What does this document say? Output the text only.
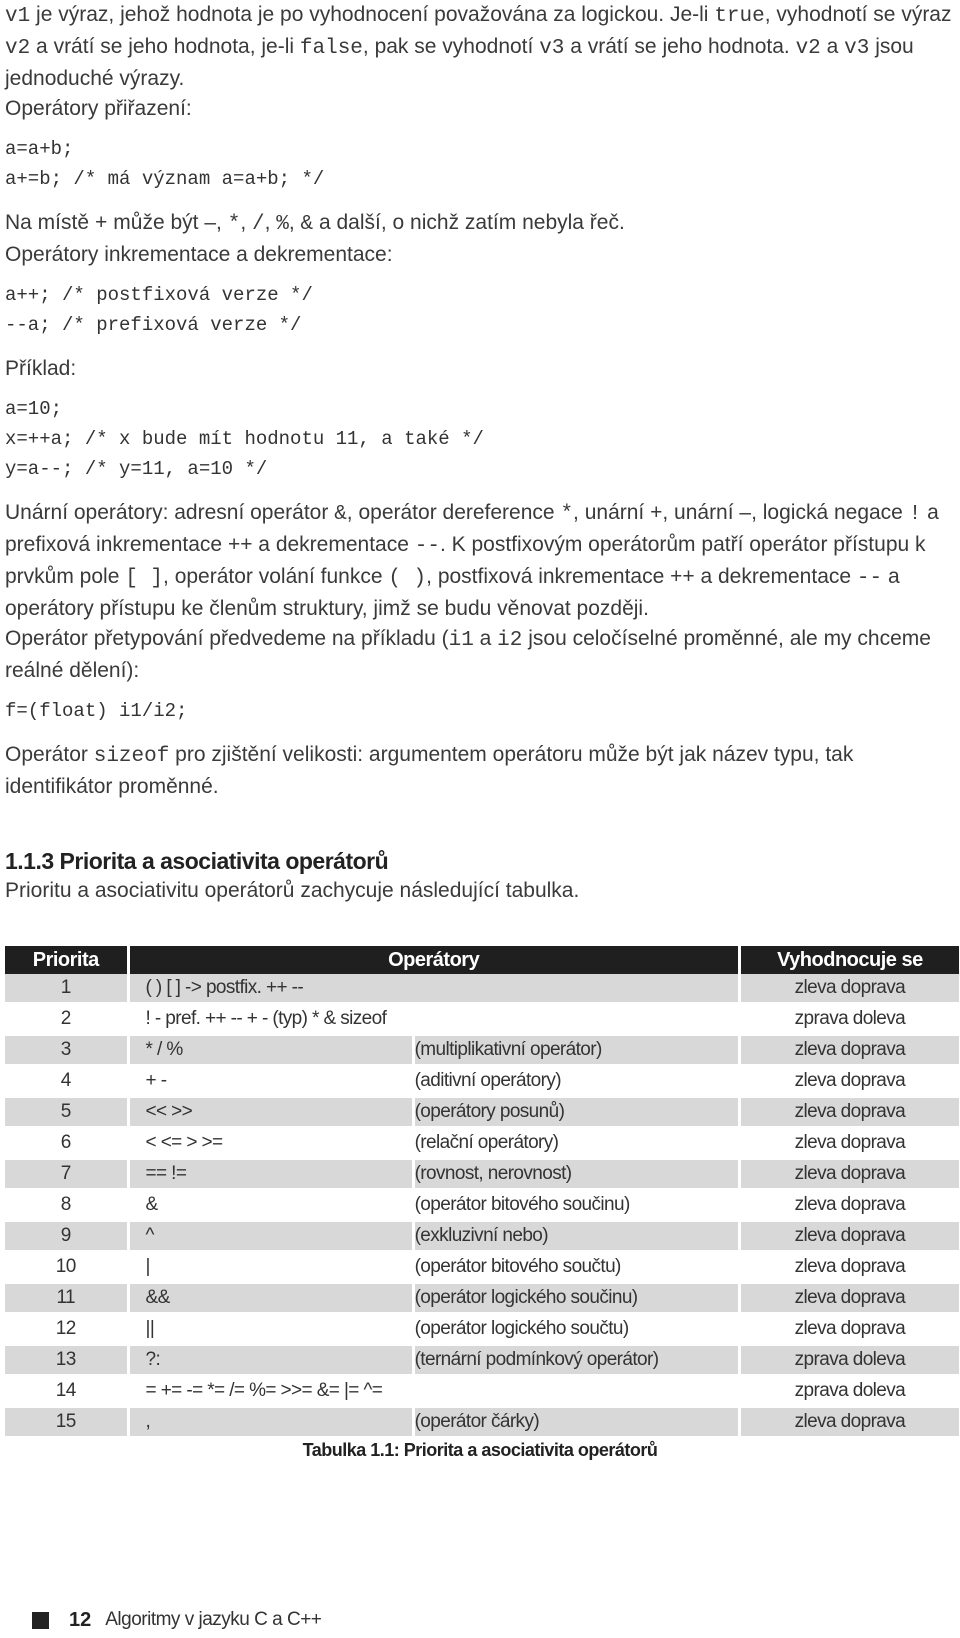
v1 je výraz, jehož hodnota je po vyhodnocení považována za logickou. Je-li true, vyhodnotí se výraz v2 a vrátí se jeho hodnota, je-li false, pak se vyhodnotí v3 a vrátí se jeho hodnota. v2 a v3 jsou jednoduché výrazy.

Operátory přiřazení:

a=a+b;
a+=b; /* má význam a=a+b; */

Na místě + může být –, *, /, %, & a další, o nichž zatím nebyla řeč.

Operátory inkrementace a dekrementace:

a++; /* postfixová verze */
--a; /* prefixová verze */

Příklad:

a=10;
x=++a; /* x bude mít hodnotu 11, a také */
y=a--; /* y=11, a=10 */

Unární operátory: adresní operátor &, operátor dereference *, unární +, unární –, logická negace ! a prefixová inkrementace ++ a dekrementace --. K postfixovým operátorům patří operátor přístupu k prvkům pole [ ], operátor volání funkce ( ), postfixová inkrementace ++ a dekrementace -- a operátory přístupu ke členům struktury, jimž se budu věnovat později.

Operátor přetypování předvedeme na příkladu (i1 a i2 jsou celočíselné proměnné, ale my chceme reálné dělení):

f=(float) i1/i2;

Operátor sizeof pro zjištění velikosti: argumentem operátoru může být jak název typu, tak identifikátor proměnné.

1.1.3 Priorita a asociativita operátorů

Prioritu a asociativitu operátorů zachycuje následující tabulka.

Priorita	Operátory		Vyhodnocuje se
1	( ) [ ] -> postfix. ++ --		zleva doprava
2	! - pref. ++ -- + - (typ) * & sizeof		zprava doleva
3	* / %	(multiplikativní operátor)	zleva doprava
4	+ -	(aditivní operátory)	zleva doprava
5	<< >>	(operátory posunů)	zleva doprava
6	< <= > >=	(relační operátory)	zleva doprava
7	== !=	(rovnost, nerovnost)	zleva doprava
8	&	(operátor bitového součinu)	zleva doprava
9	^	(exkluzivní nebo)	zleva doprava
10	|	(operátor bitového součtu)	zleva doprava
11	&&	(operátor logického součinu)	zleva doprava
12	||	(operátor logického součtu)	zleva doprava
13	?:	(ternární podmínkový operátor)	zprava doleva
14	= += -= *= /= %= >>= &= |= ^=		zprava doleva
15	,	(operátor čárky)	zleva doprava
Tabulka 1.1: Priorita a asociativita operátorů
12 Algoritmy v jazyku C a C++
